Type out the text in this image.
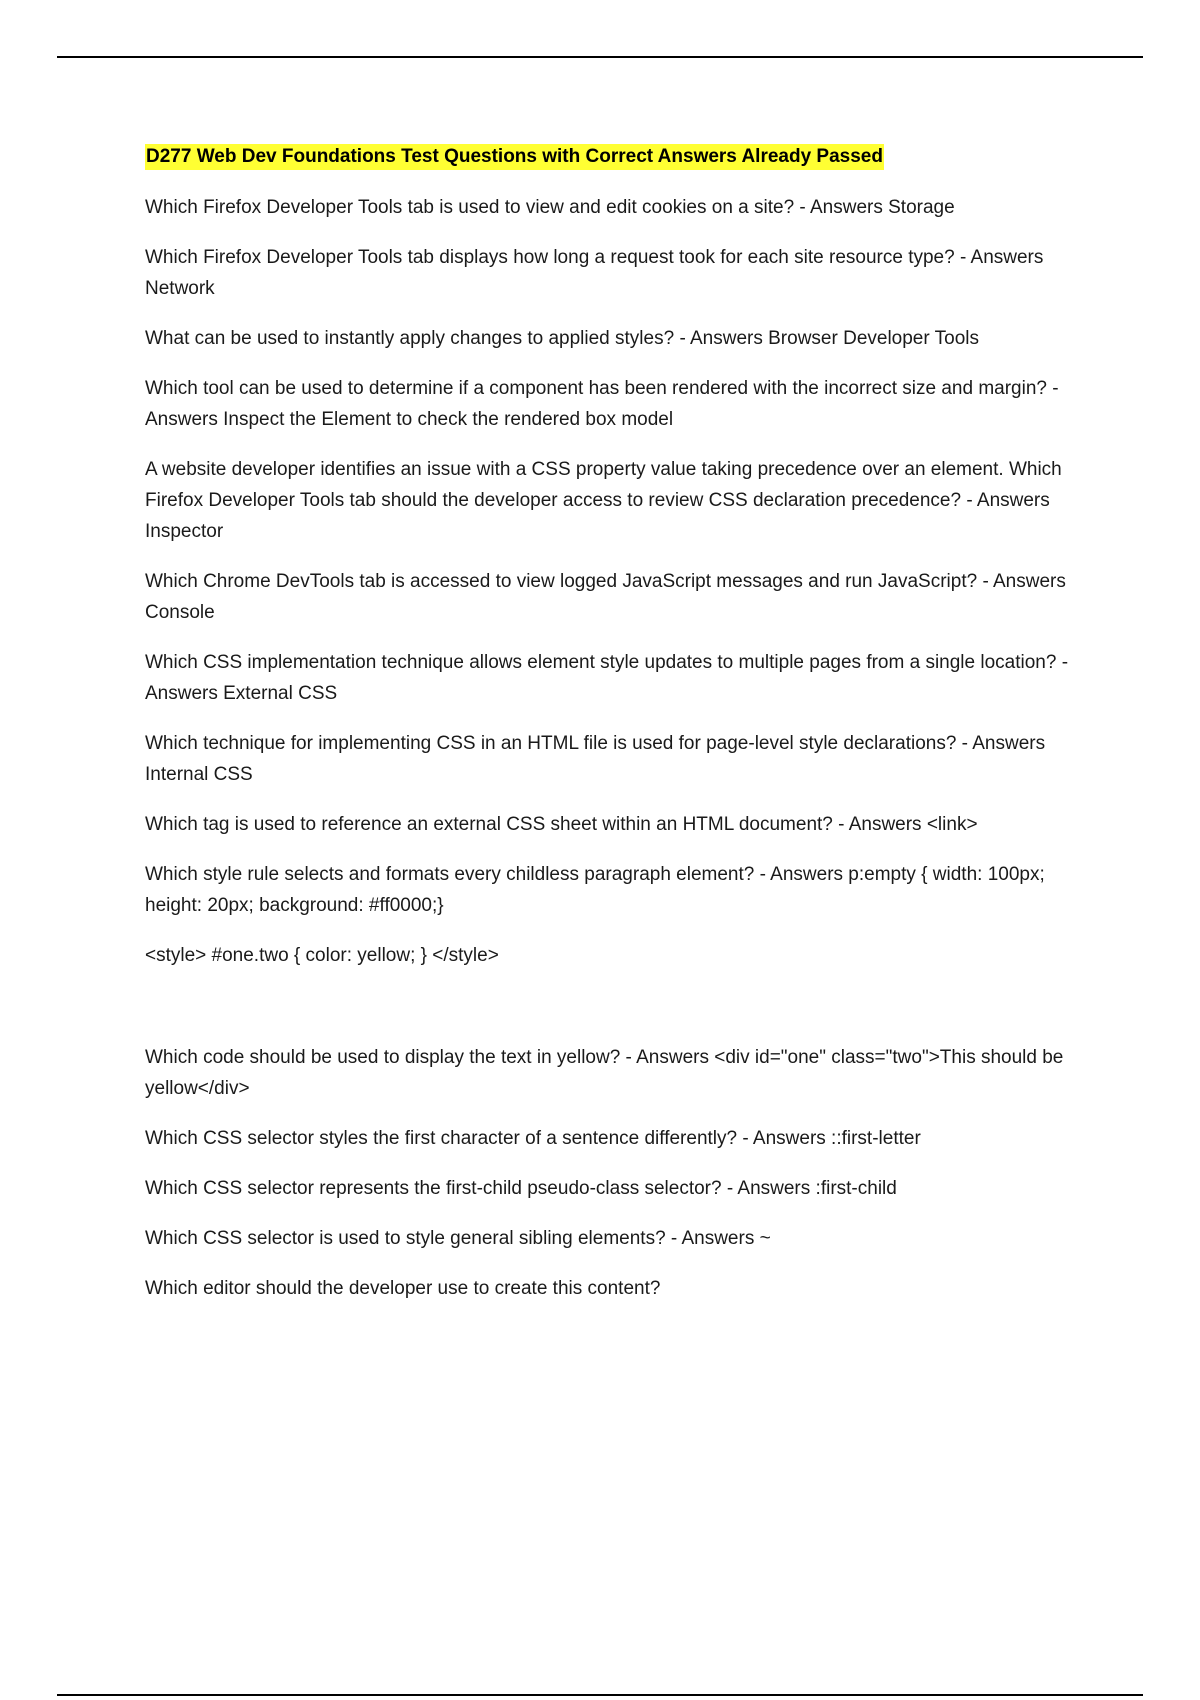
D277 Web Dev Foundations Test Questions with Correct Answers Already Passed

Which Firefox Developer Tools tab is used to view and edit cookies on a site? - Answers Storage

Which Firefox Developer Tools tab displays how long a request took for each site resource type? - Answers Network

What can be used to instantly apply changes to applied styles? - Answers Browser Developer Tools

Which tool can be used to determine if a component has been rendered with the incorrect size and margin? - Answers Inspect the Element to check the rendered box model

A website developer identifies an issue with a CSS property value taking precedence over an element. Which Firefox Developer Tools tab should the developer access to review CSS declaration precedence? - Answers Inspector

Which Chrome DevTools tab is accessed to view logged JavaScript messages and run JavaScript? - Answers Console

Which CSS implementation technique allows element style updates to multiple pages from a single location? - Answers External CSS

Which technique for implementing CSS in an HTML file is used for page-level style declarations? - Answers Internal CSS

Which tag is used to reference an external CSS sheet within an HTML document? - Answers <link>

Which style rule selects and formats every childless paragraph element? - Answers p:empty { width: 100px; height: 20px; background: #ff0000;}

<style> #one.two { color: yellow; } </style>

Which code should be used to display the text in yellow? - Answers <div id="one" class="two">This should be yellow</div>

Which CSS selector styles the first character of a sentence differently? - Answers ::first-letter

Which CSS selector represents the first-child pseudo-class selector? - Answers :first-child

Which CSS selector is used to style general sibling elements? - Answers ~

Which editor should the developer use to create this content?
